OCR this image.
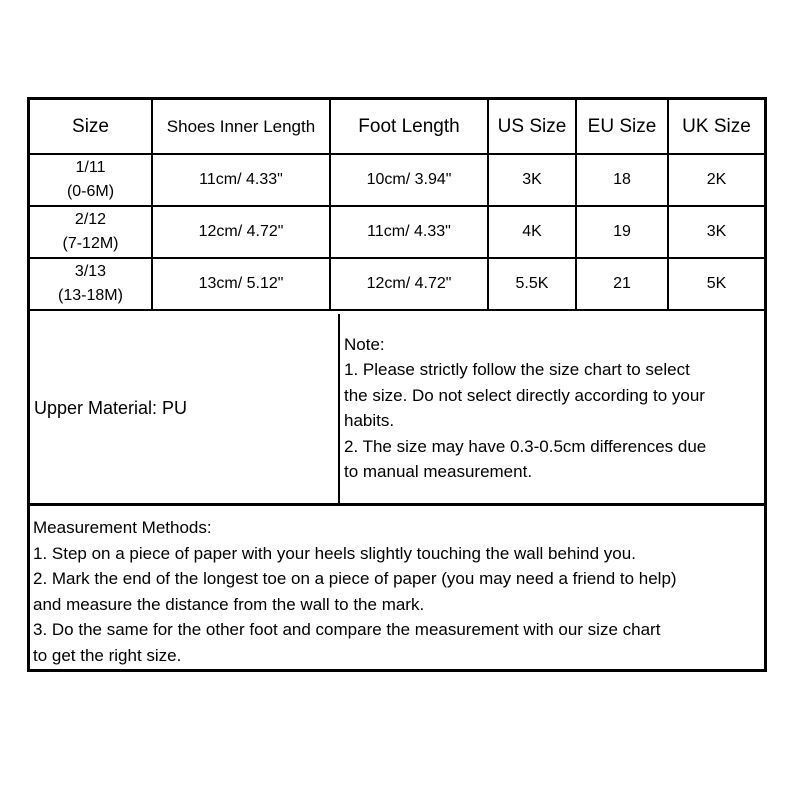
Size	Shoes Inner Length	Foot Length	US Size	EU Size	UK Size

1/11
(0-6M)	11cm/ 4.33"	10cm/ 3.94"	3K	18	2K

2/12
(7-12M)	12cm/ 4.72"	11cm/ 4.33"	4K	19	3K

3/13
(13-18M)	13cm/ 5.12"	12cm/ 4.72"	5.5K	21	5K
Upper Material: PU
Note:
1. Please strictly follow the size chart to select
the size. Do not select directly according to your
habits.
2. The size may have 0.3-0.5cm differences due
to manual measurement.
Measurement Methods:
1. Step on a piece of paper with your heels slightly touching the wall behind you.
2. Mark the end of the longest toe on a piece of paper (you may need a friend to help)
and measure the distance from the wall to the mark.
3. Do the same for the other foot and compare the measurement with our size chart
to get the right size.
